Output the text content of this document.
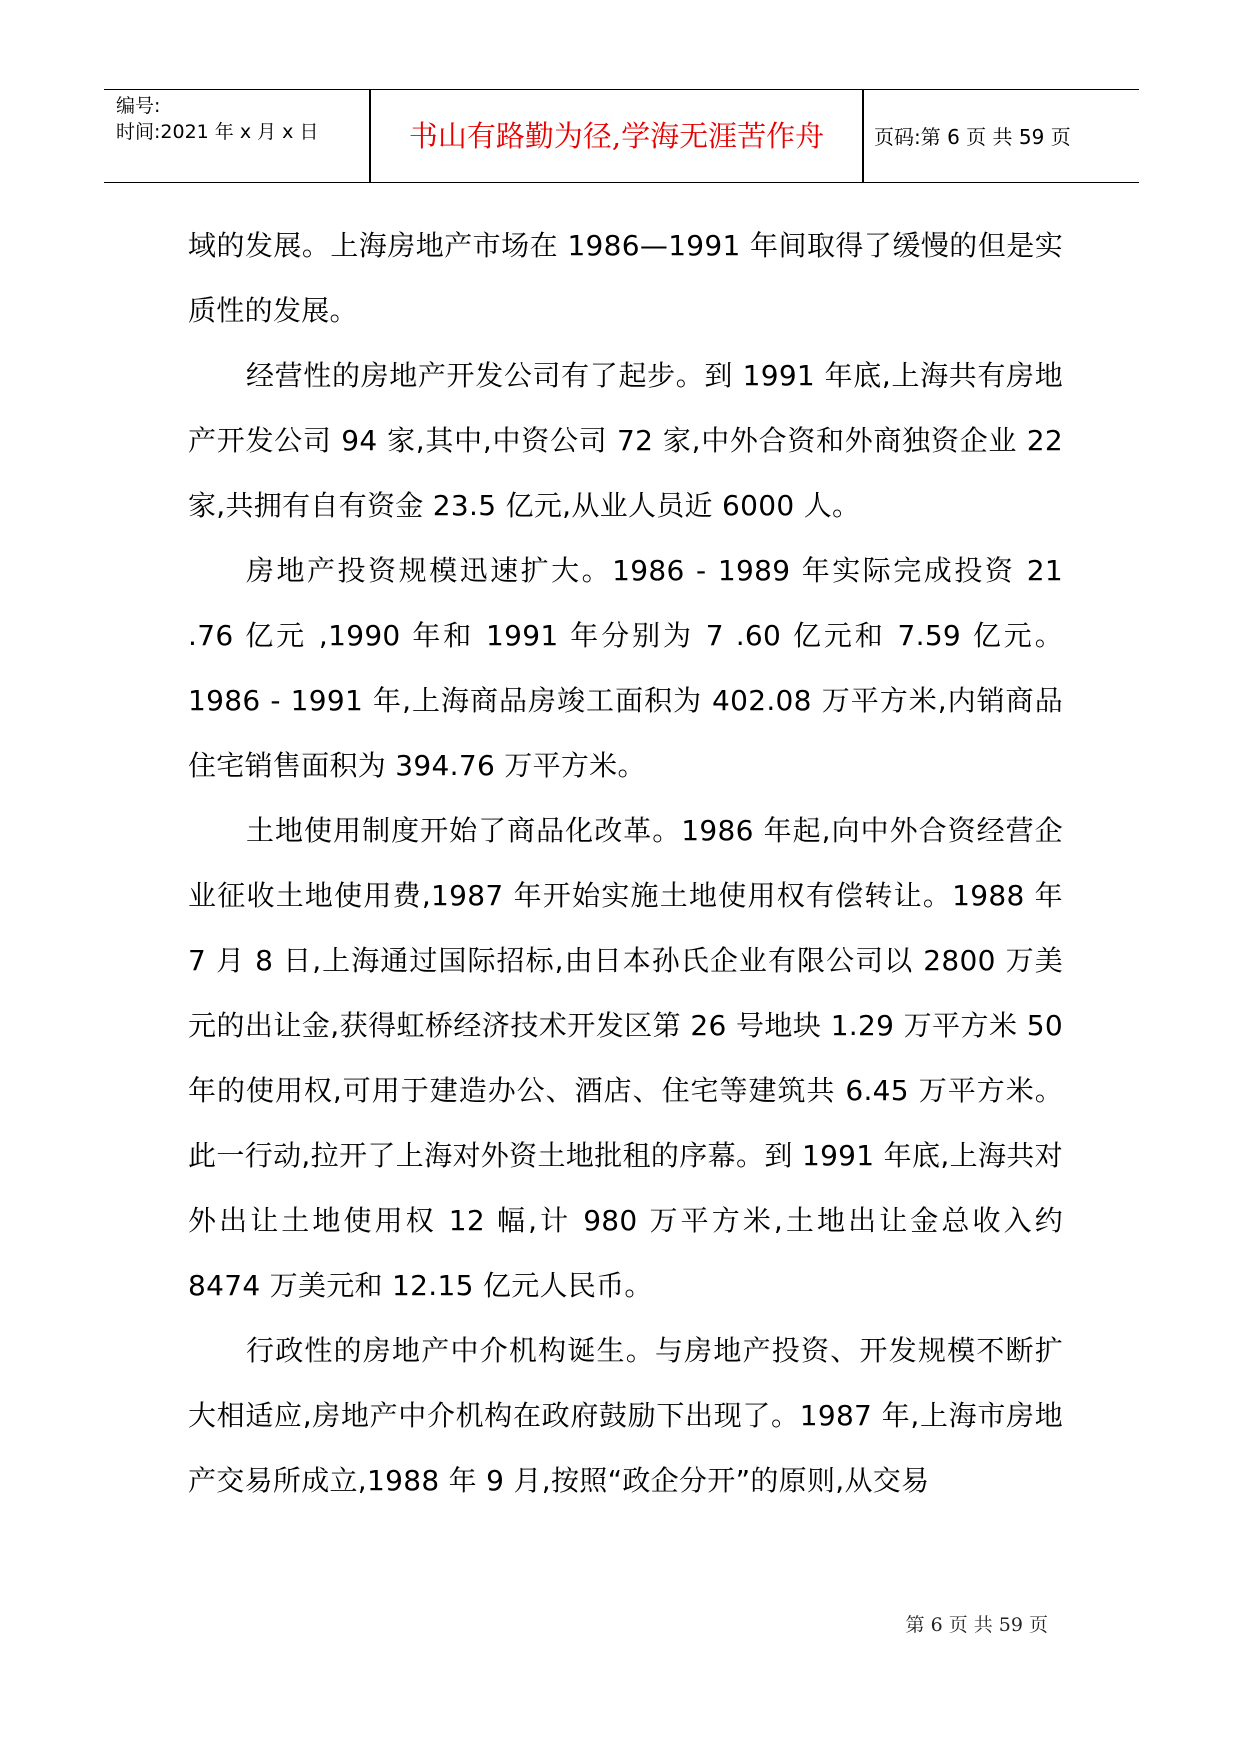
编号:
时间:2021 年 x 月 x 日	书山有路勤为径,学海无涯苦作舟	页码:第 6 页 共 59 页

域的发展。上海房地产市场在 1986—1991 年间取得了缓慢的但是实质性的发展。

经营性的房地产开发公司有了起步。到 1991 年底,上海共有房地产开发公司 94 家,其中,中资公司 72 家,中外合资和外商独资企业 22 家,共拥有自有资金 23.5 亿元,从业人员近 6000 人。

房地产投资规模迅速扩大。1986 - 1989 年实际完成投资 21 .76 亿元 ,1990 年和 1991 年分别为 7 .60 亿元和 7.59 亿元。1986 - 1991 年,上海商品房竣工面积为 402.08 万平方米,内销商品住宅销售面积为 394.76 万平方米。

土地使用制度开始了商品化改革。1986 年起,向中外合资经营企业征收土地使用费,1987 年开始实施土地使用权有偿转让。1988 年 7 月 8 日,上海通过国际招标,由日本孙氏企业有限公司以 2800 万美元的出让金,获得虹桥经济技术开发区第 26 号地块 1.29 万平方米 50 年的使用权,可用于建造办公、酒店、住宅等建筑共 6.45 万平方米。此一行动,拉开了上海对外资土地批租的序幕。到 1991 年底,上海共对外出让土地使用权 12 幅,计 980 万平方米,土地出让金总收入约 8474 万美元和 12.15 亿元人民币。

行政性的房地产中介机构诞生。与房地产投资、开发规模不断扩大相适应,房地产中介机构在政府鼓励下出现了。1987 年,上海市房地产交易所成立,1988 年 9 月,按照“政企分开”的原则,从交易

第 6 页 共 59 页
